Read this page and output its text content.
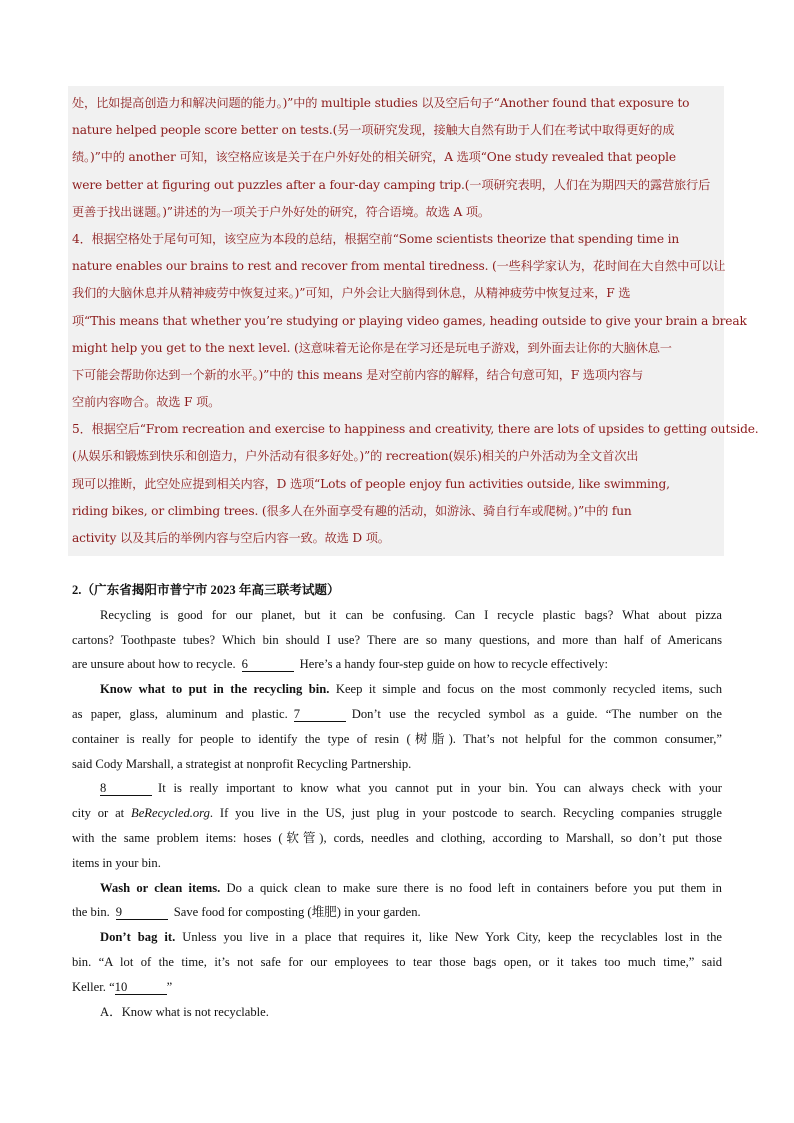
处，比如提高创造力和解决问题的能力。)”中的 multiple studies 以及空后句子“Another found that exposure to
nature helped people score better on tests.(另一项研究发现，接触大自然有助于人们在考试中取得更好的成
绩。)”中的 another 可知，该空格应该是关于在户外好处的相关研究，A 选项“One study revealed that people
were better at figuring out puzzles after a four-day camping trip.(一项研究表明，人们在为期四天的露营旅行后
更善于找出谜题。)”讲述的为一项关于户外好处的研究，符合语境。故选 A 项。
4．根据空格处于尾句可知，该空应为本段的总结，根据空前“Some scientists theorize that spending time in
nature enables our brains to rest and recover from mental tiredness. (一些科学家认为，花时间在大自然中可以让
我们的大脑休息并从精神疲劳中恢复过来。)”可知，户外会让大脑得到休息，从精神疲劳中恢复过来，F 选
项“This means that whether you’re studying or playing video games, heading outside to give your brain a break
might help you get to the next level. (这意味着无论你是在学习还是玩电子游戏，到外面去让你的大脑休息一
下可能会帮助你达到一个新的水平。)”中的 this means 是对空前内容的解释，结合句意可知，F 选项内容与
空前内容吻合。故选 F 项。
5．根据空后“From recreation and exercise to happiness and creativity, there are lots of upsides to getting outside.
(从娱乐和锻炼到快乐和创造力，户外活动有很多好处。)”的 recreation(娱乐)相关的户外活动为全文首次出
现可以推断，此空处应提到相关内容，D 选项“Lots of people enjoy fun activities outside, like swimming,
riding bikes, or climbing trees. (很多人在外面享受有趣的活动，如游泳、骑自行车或爬树。)”中的 fun
activity 以及其后的举例内容与空后内容一致。故选 D 项。
2.（广东省揭阳市普宁市 2023 年高三联考试题）
Recycling is good for our planet, but it can be confusing. Can I recycle plastic bags? What about pizza
cartons? Toothpaste tubes? Which bin should I use? There are so many questions, and more than half of Americans
are unsure about how to recycle. 6	Here’s a handy four-step guide on how to recycle effectively:
Know what to put in the recycling bin. Keep it simple and focus on the most commonly recycled items, such
as paper, glass, aluminum and plastic. 7	Don’t use the recycled symbol as a guide. “The number on the
container is really for people to identify the type of resin (树脂). That’s not helpful for the common consumer,”
said Cody Marshall, a strategist at nonprofit Recycling Partnership.
8	It is really important to know what you cannot put in your bin. You can always check with your
city or at BeRecycled.org. If you live in the US, just plug in your postcode to search. Recycling companies struggle
with the same problem items: hoses (软管), cords, needles and clothing, according to Marshall, so don’t put those
items in your bin.
Wash or clean items. Do a quick clean to make sure there is no food left in containers before you put them in
the bin. 9	Save food for composting (堆肥) in your garden.
Don’t bag it. Unless you live in a place that requires it, like New York City, keep the recyclables lost in the
bin. “A lot of the time, it’s not safe for our employees to tear those bags open, or it takes too much time,” said
Keller. “10	”
A．Know what is not recyclable.
